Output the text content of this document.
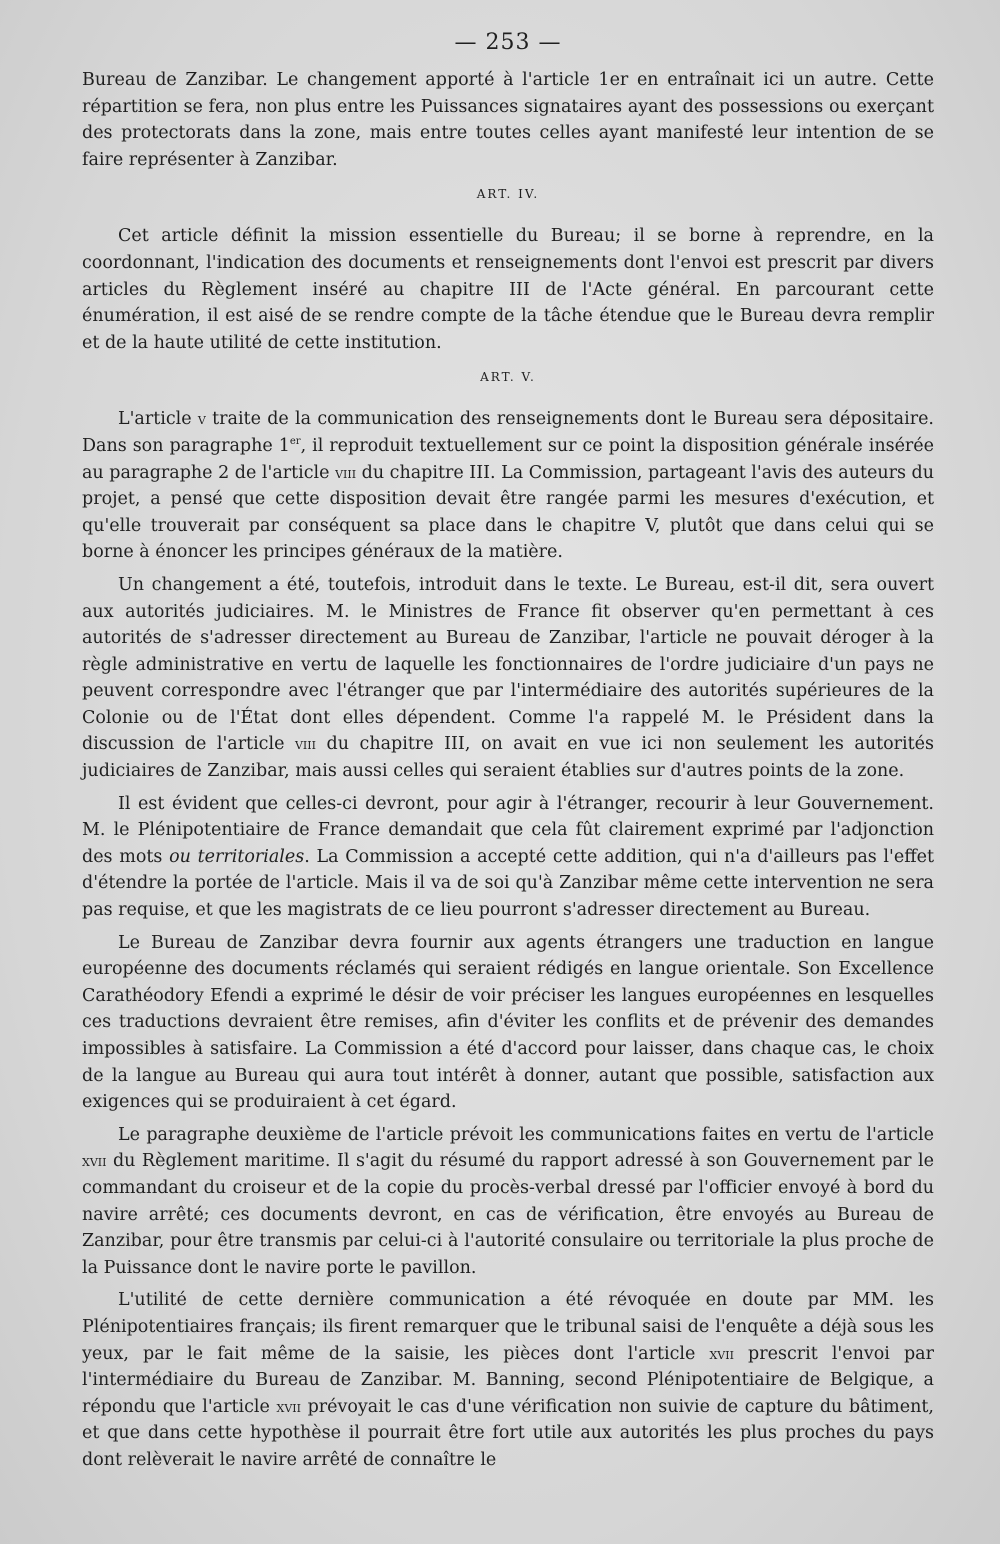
— 253 —

Bureau de Zanzibar. Le changement apporté à l'article 1er en entraînait ici un autre. Cette répartition se fera, non plus entre les Puissances signataires ayant des possessions ou exerçant des protectorats dans la zone, mais entre toutes celles ayant manifesté leur intention de se faire représenter à Zanzibar.

ART. IV.

Cet article définit la mission essentielle du Bureau; il se borne à reprendre, en la coordonnant, l'indication des documents et renseignements dont l'envoi est prescrit par divers articles du Règlement inséré au chapitre III de l'Acte général. En parcourant cette énumération, il est aisé de se rendre compte de la tâche étendue que le Bureau devra remplir et de la haute utilité de cette institution.

ART. V.

L'article v traite de la communication des renseignements dont le Bureau sera dépositaire. Dans son paragraphe 1er, il reproduit textuellement sur ce point la disposition générale insérée au paragraphe 2 de l'article viii du chapitre III. La Commission, partageant l'avis des auteurs du projet, a pensé que cette disposition devait être rangée parmi les mesures d'exécution, et qu'elle trouverait par conséquent sa place dans le chapitre V, plutôt que dans celui qui se borne à énoncer les principes généraux de la matière.

Un changement a été, toutefois, introduit dans le texte. Le Bureau, est-il dit, sera ouvert aux autorités judiciaires. M. le Ministres de France fit observer qu'en permettant à ces autorités de s'adresser directement au Bureau de Zanzibar, l'article ne pouvait déroger à la règle administrative en vertu de laquelle les fonctionnaires de l'ordre judiciaire d'un pays ne peuvent correspondre avec l'étranger que par l'intermédiaire des autorités supérieures de la Colonie ou de l'État dont elles dépendent. Comme l'a rappelé M. le Président dans la discussion de l'article viii du chapitre III, on avait en vue ici non seulement les autorités judiciaires de Zanzibar, mais aussi celles qui seraient établies sur d'autres points de la zone.

Il est évident que celles-ci devront, pour agir à l'étranger, recourir à leur Gouvernement. M. le Plénipotentiaire de France demandait que cela fût clairement exprimé par l'adjonction des mots ou territoriales. La Commission a accepté cette addition, qui n'a d'ailleurs pas l'effet d'étendre la portée de l'article. Mais il va de soi qu'à Zanzibar même cette intervention ne sera pas requise, et que les magistrats de ce lieu pourront s'adresser directement au Bureau.

Le Bureau de Zanzibar devra fournir aux agents étrangers une traduction en langue européenne des documents réclamés qui seraient rédigés en langue orientale. Son Excellence Carathéodory Efendi a exprimé le désir de voir préciser les langues européennes en lesquelles ces traductions devraient être remises, afin d'éviter les conflits et de prévenir des demandes impossibles à satisfaire. La Commission a été d'accord pour laisser, dans chaque cas, le choix de la langue au Bureau qui aura tout intérêt à donner, autant que possible, satisfaction aux exigences qui se produiraient à cet égard.

Le paragraphe deuxième de l'article prévoit les communications faites en vertu de l'article xvii du Règlement maritime. Il s'agit du résumé du rapport adressé à son Gouvernement par le commandant du croiseur et de la copie du procès-verbal dressé par l'officier envoyé à bord du navire arrêté; ces documents devront, en cas de vérification, être envoyés au Bureau de Zanzibar, pour être transmis par celui-ci à l'autorité consulaire ou territoriale la plus proche de la Puissance dont le navire porte le pavillon.

L'utilité de cette dernière communication a été révoquée en doute par MM. les Plénipotentiaires français; ils firent remarquer que le tribunal saisi de l'enquête a déjà sous les yeux, par le fait même de la saisie, les pièces dont l'article xvii prescrit l'envoi par l'intermédiaire du Bureau de Zanzibar. M. Banning, second Plénipotentiaire de Belgique, a répondu que l'article xvii prévoyait le cas d'une vérification non suivie de capture du bâtiment, et que dans cette hypothèse il pourrait être fort utile aux autorités les plus proches du pays dont relèverait le navire arrêté de connaître le
